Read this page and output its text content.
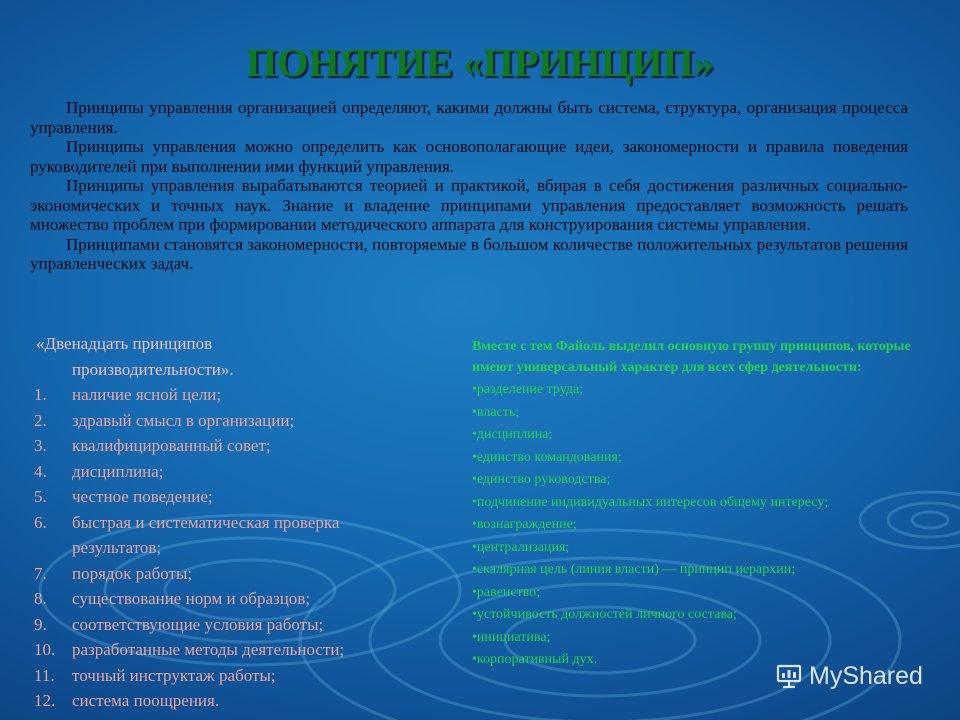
ПОНЯТИЕ «ПРИНЦИП»

Принципы управления организацией определяют, какими должны быть система, структура, организация процесса управления.

Принципы управления можно определить как основополагающие идеи, закономерности и правила поведения руководителей при выполнении ими функций управления.

Принципы управления вырабатываются теорией и практикой, вбирая в себя достижения различных социально-экономических и точных наук. Знание и владение принципами управления предоставляет возможность решать множество проблем при формировании методического аппарата для конструирования системы управления.

Принципами становятся закономерности, повторяемые в большом количестве положительных результатов решения управленческих задач.

«Двенадцать принципов
производительности».
1.	наличие ясной цели;
2.	здравый смысл в организации;
3.	квалифицированный совет;
4.	дисциплина;
5.	честное поведение;
6.	быстрая и систематическая проверка результатов;
7.	порядок работы;
8.	существование норм и образцов;
9.	соответствующие условия работы;
10. разработанные методы деятельности;
11.	точный инструктаж работы;
12. система поощрения.
Вместе с тем Файоль выделил основную группу принципов, которые имеют универсальный характер для всех сфер деятельности:
• разделение труда;
• власть;
• дисциплина;
• единство командования;
• единство руководства;
• подчинение индивидуальных интересов общему интересу;
• вознаграждение;
• централизация;
• скалярная цель (линия власти) — принцип иерархии;
• равенство;
• устойчивость должностей личного состава;
• инициатива;
• корпоративный дух.
MyShared
